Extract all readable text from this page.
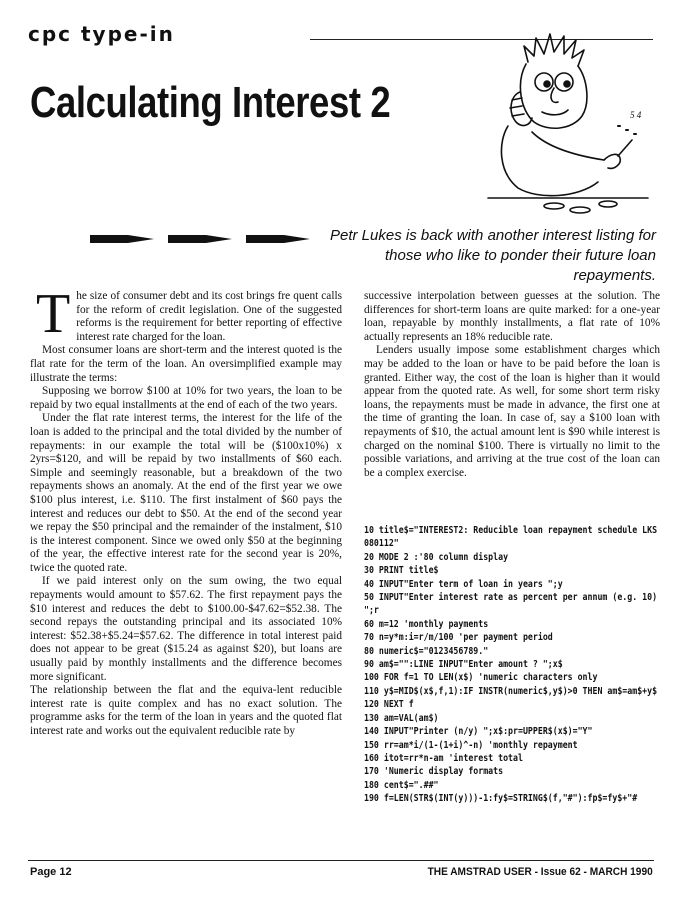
cpc type-in
Calculating Interest 2	5 4
Petr Lukes is back with another interest listing for those who like to ponder their future loan repayments.

The size of consumer debt and its cost brings fre quent calls for the reform of credit legislation. One of the suggested reforms is the requirement for better reporting of effective interest rate charged for the loan.

Most consumer loans are short-term and the interest quoted is the flat rate for the term of the loan. An oversimplified example may illustrate the terms:

Supposing we borrow $100 at 10% for two years, the loan to be repaid by two equal installments at the end of each of the two years.

Under the flat rate interest terms, the interest for the life of the loan is added to the principal and the total divided by the number of repayments: in our example the total will be ($100x10%) x 2yrs=$120, and will be repaid by two installments of $60 each. Simple and seemingly reasonable, but a breakdown of the two repayments shows an anomaly. At the end of the first year we owe $100 plus interest, i.e. $110. The first instalment of $60 pays the interest and reduces our debt to $50. At the end of the second year we repay the $50 principal and the remainder of the instalment, $10 is the interest component. Since we owed only $50 at the beginning of the year, the effective interest rate for the second year is 20%, twice the quoted rate.

If we paid interest only on the sum owing, the two equal repayments would amount to $57.62. The first repayment pays the $10 interest and reduces the debt to $100.00-$47.62=$52.38. The second repays the outstanding principal and its associated 10% interest: $52.38+$5.24=$57.62. The difference in total interest paid does not appear to be great ($15.24 as against $20), but loans are usually paid by monthly installments and the difference becomes more significant.

The relationship between the flat and the equiva-lent reducible interest rate is quite complex and has no exact solution. The programme asks for the term of the loan in years and the quoted flat interest rate and works out the equivalent reducible rate by

successive interpolation between guesses at the solution. The differences for short-term loans are quite marked: for a one-year loan, repayable by monthly installments, a flat rate of 10% actually represents an 18% reducible rate.

Lenders usually impose some establishment charges which may be added to the loan or have to be paid before the loan is granted. Either way, the cost of the loan is higher than it would appear from the quoted rate. As well, for some short term risky loans, the repayments must be made in advance, the first one at the time of granting the loan. In case of, say a $100 loan with repayments of $10, the actual amount lent is $90 while interest is charged on the nominal $100. There is virtually no limit to the possible variations, and arriving at the true cost of the loan can be a complex exercise.

10 title$="INTEREST2: Reducible loan repayment schedule LKS 080112"
20 MODE 2 :'80 column display
30 PRINT title$
40 INPUT"Enter term of loan in years ";y
50 INPUT"Enter interest rate as percent per annum (e.g. 10) ";r
60 m=12 'monthly payments
70 n=y*m:i=r/m/100 'per payment period
80 numeric$="0123456789."
90 am$="":LINE INPUT"Enter amount ? ";x$
100 FOR f=1 TO LEN(x$) 'numeric characters only
110 y$=MID$(x$,f,1):IF INSTR(numeric$,y$)>0 THEN am$=am$+y$
120 NEXT f
130 am=VAL(am$)
140 INPUT"Printer (n/y) ";x$:pr=UPPER$(x$)="Y"
150 rr=am*i/(1-(1+i)^-n) 'monthly repayment
160 itot=rr*n-am 'interest total
170 'Numeric display formats
180 cent$=".##"
190 f=LEN(STR$(INT(y)))-1:fy$=STRING$(f,"#"):fp$=fy$+"#
Page 12	THE AMSTRAD USER - Issue 62 - MARCH 1990
